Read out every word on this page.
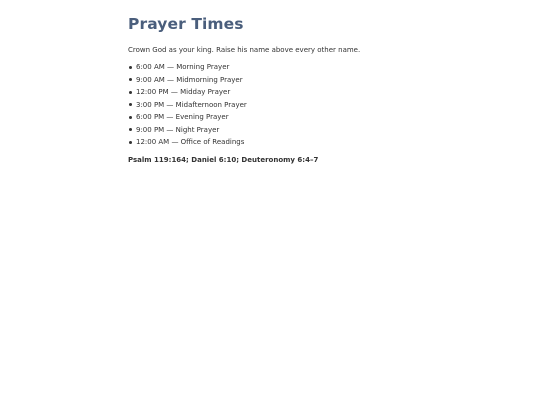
Prayer Times

Crown God as your king. Raise his name above every other name.

6:00 AM — Morning Prayer
9:00 AM — Midmorning Prayer
12:00 PM — Midday Prayer
3:00 PM — Midafternoon Prayer
6:00 PM — Evening Prayer
9:00 PM — Night Prayer
12:00 AM — Office of Readings

Psalm 119:164; Daniel 6:10; Deuteronomy 6:4–7
